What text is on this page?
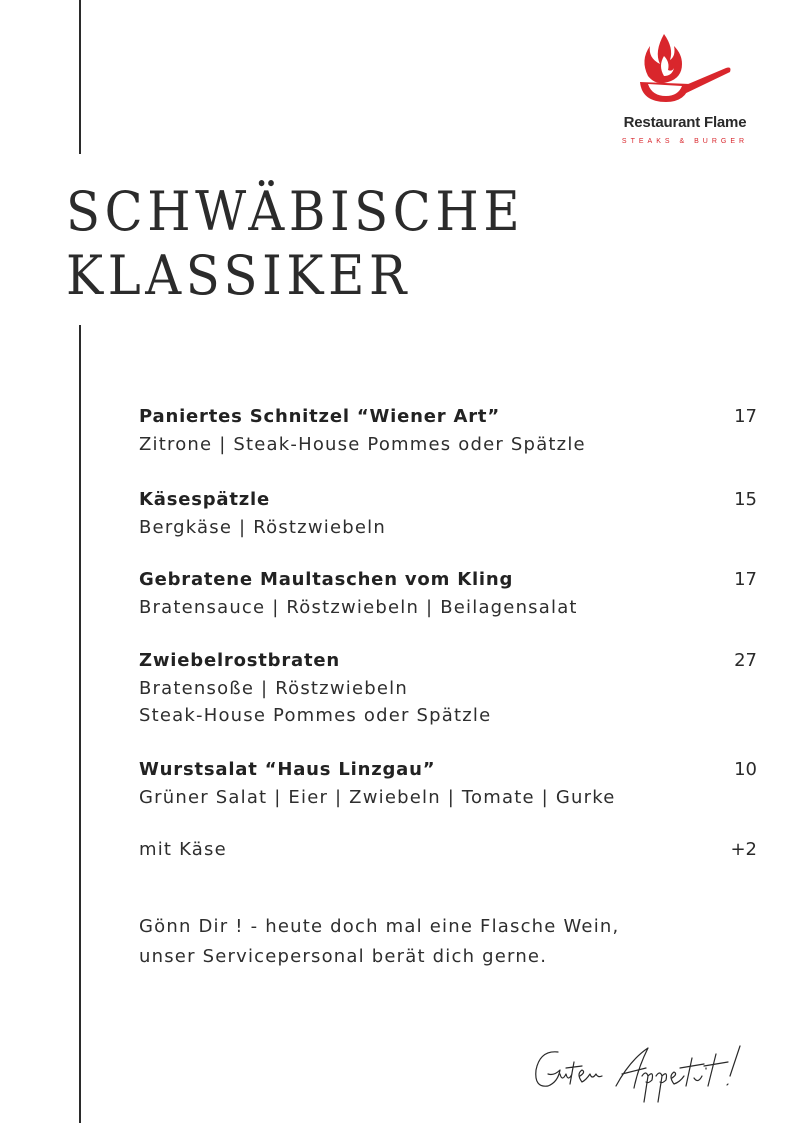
Restaurant Flame
STEAKS & BURGER
SCHWÄBISCHE
KLASSIKER
Paniertes Schnitzel “Wiener Art”
Zitrone | Steak-House Pommes oder Spätzle
17
Käsespätzle
Bergkäse | Röstzwiebeln
15
Gebratene Maultaschen vom Kling
Bratensauce | Röstzwiebeln | Beilagensalat
17
Zwiebelrostbraten
Bratensoße | Röstzwiebeln
Steak-House Pommes oder Spätzle
27
Wurstsalat “Haus Linzgau”
Grüner Salat | Eier | Zwiebeln | Tomate | Gurke
10
mit Käse	+2
Gönn Dir ! - heute doch mal eine Flasche Wein,
unser Servicepersonal berät dich gerne.
